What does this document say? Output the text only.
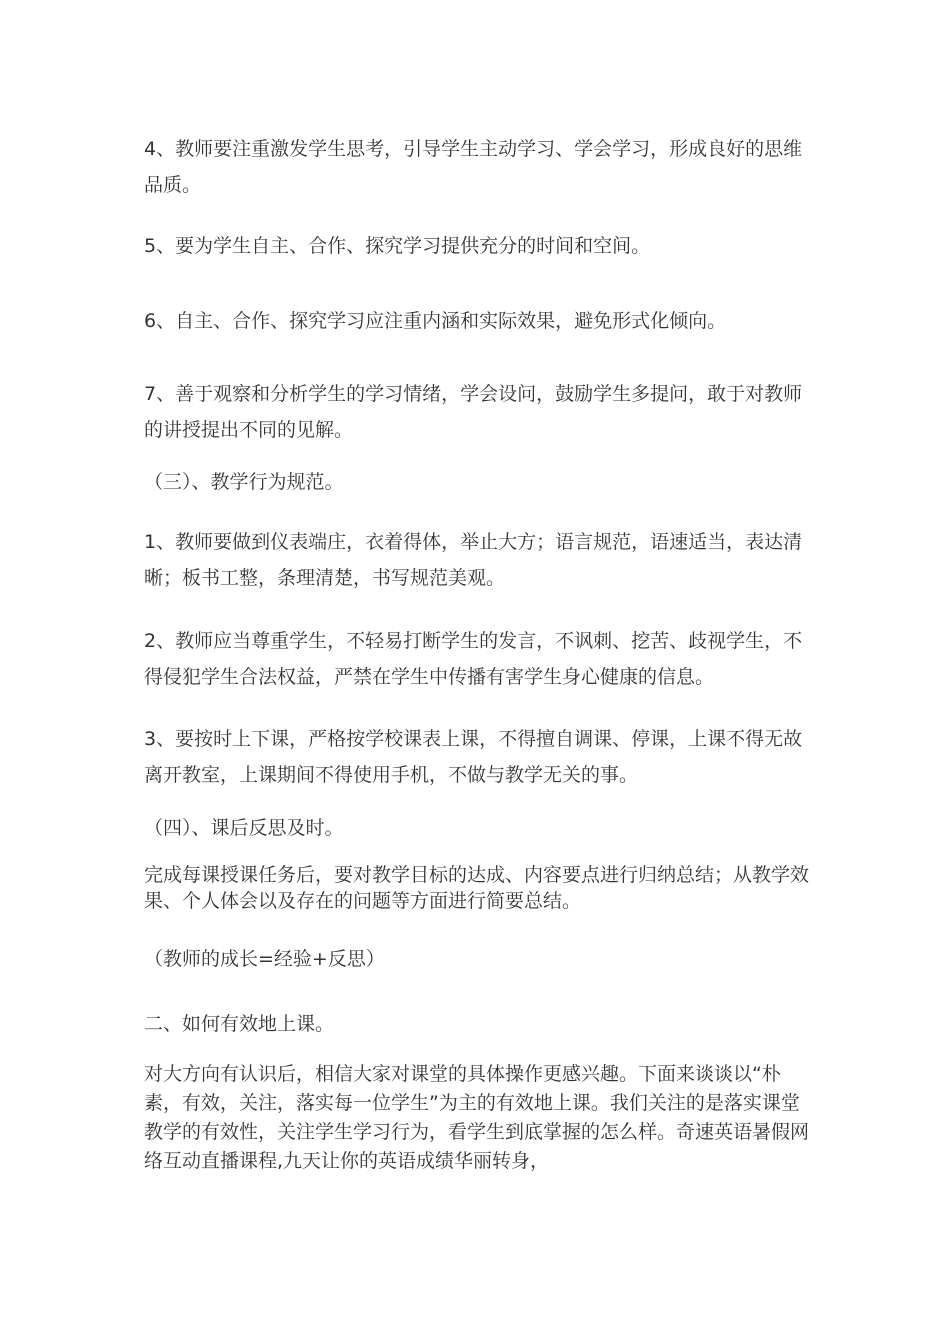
4、教师要注重激发学生思考，引导学生主动学习、学会学习，形成良好的思维品质。

5、要为学生自主、合作、探究学习提供充分的时间和空间。

6、自主、合作、探究学习应注重内涵和实际效果，避免形式化倾向。

7、善于观察和分析学生的学习情绪，学会设问，鼓励学生多提问，敢于对教师的讲授提出不同的见解。

（三）、教学行为规范。

1、教师要做到仪表端庄，衣着得体，举止大方；语言规范，语速适当，表达清晰；板书工整，条理清楚，书写规范美观。

2、教师应当尊重学生，不轻易打断学生的发言，不讽刺、挖苦、歧视学生，不得侵犯学生合法权益，严禁在学生中传播有害学生身心健康的信息。

3、要按时上下课，严格按学校课表上课，不得擅自调课、停课，上课不得无故离开教室，上课期间不得使用手机，不做与教学无关的事。

（四）、课后反思及时。

完成每课授课任务后，要对教学目标的达成、内容要点进行归纳总结；从教学效果、个人体会以及存在的问题等方面进行简要总结。

（教师的成长=经验+反思）

二、如何有效地上课。

对大方向有认识后，相信大家对课堂的具体操作更感兴趣。下面来谈谈以“朴素，有效，关注，落实每一位学生”为主的有效地上课。我们关注的是落实课堂教学的有效性，关注学生学习行为，看学生到底掌握的怎么样。奇速英语暑假网络互动直播课程,九天让你的英语成绩华丽转身，
